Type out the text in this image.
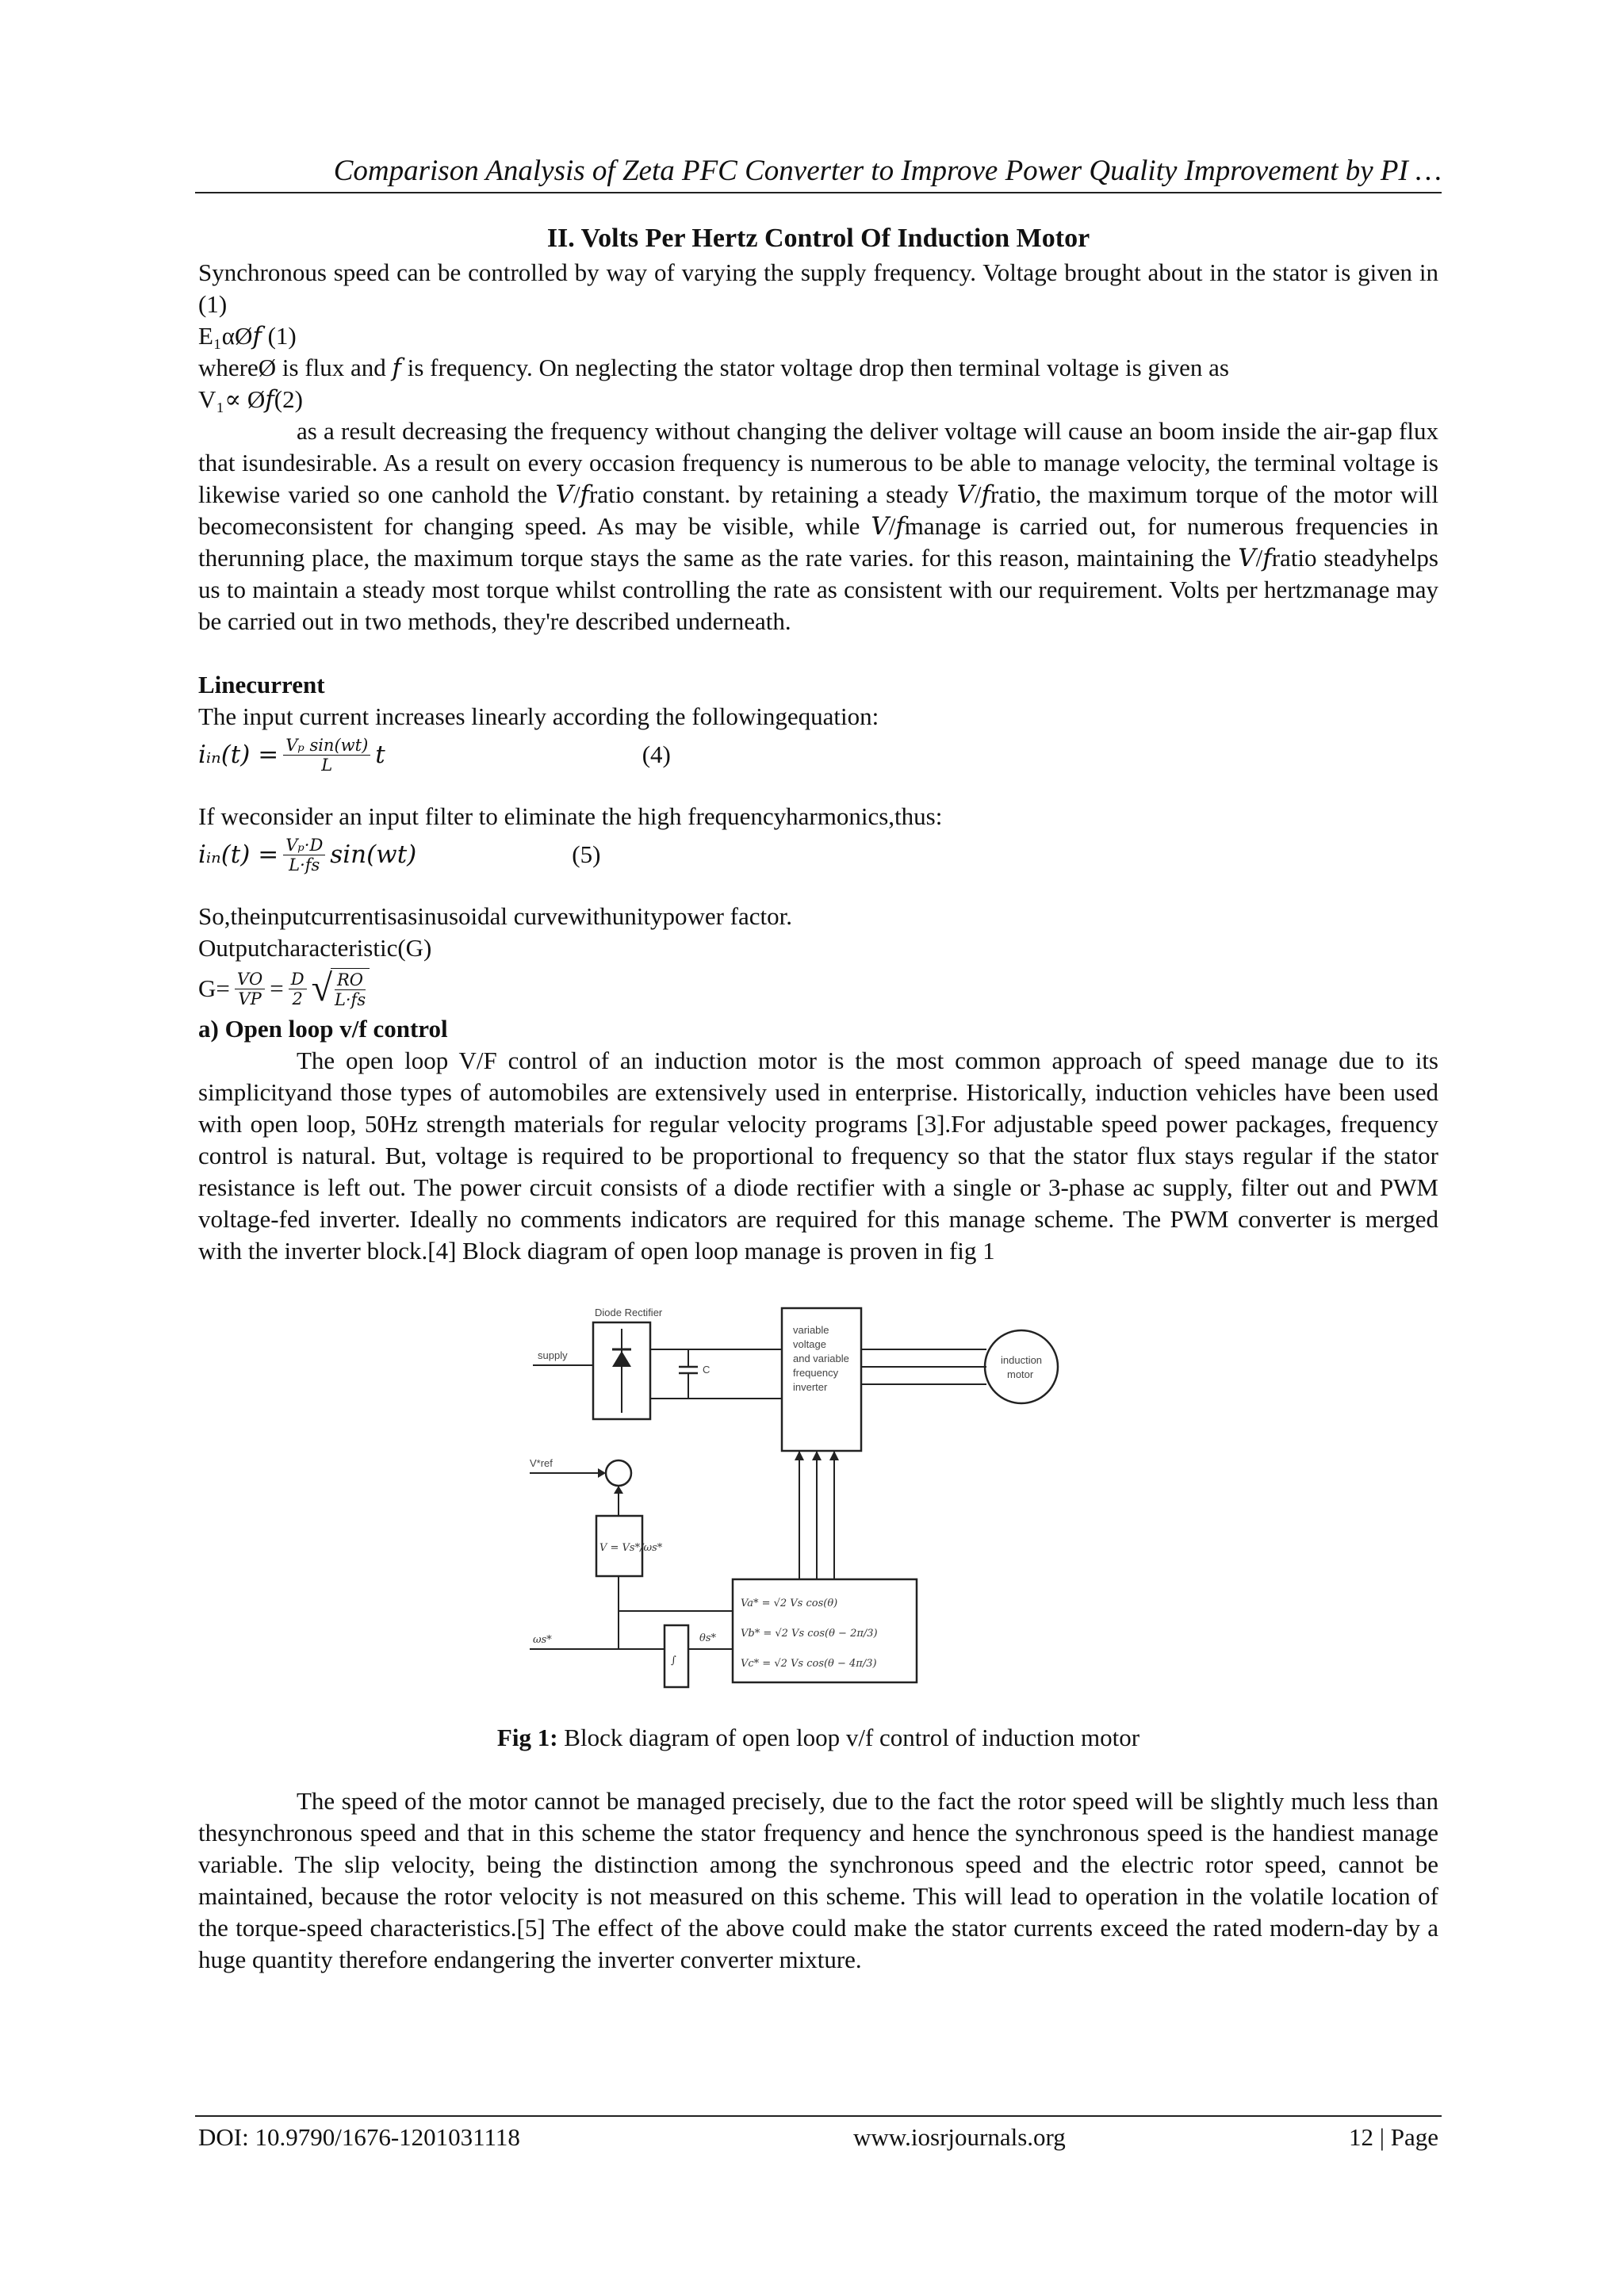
Comparison Analysis of Zeta PFC Converter to Improve Power Quality Improvement by PI …

II. Volts Per Hertz Control Of Induction Motor

Synchronous speed can be controlled by way of varying the supply frequency. Voltage brought about in the stator is given in (1)

E₁αØ𝑓 (1)

whereØ is flux and 𝑓 is frequency. On neglecting the stator voltage drop then terminal voltage is given as

V₁∝ Ø𝑓(2)

as a result decreasing the frequency without changing the deliver voltage will cause an boom inside the air-gap flux that isundesirable. As a result on every occasion frequency is numerous to be able to manage velocity, the terminal voltage is likewise varied so one canhold the 𝑉/𝑓ratio constant. by retaining a steady 𝑉/𝑓ratio, the maximum torque of the motor will becomeconsistent for changing speed. As may be visible, while 𝑉/𝑓manage is carried out, for numerous frequencies in therunning place, the maximum torque stays the same as the rate varies. for this reason, maintaining the 𝑉/𝑓ratio steadyhelps us to maintain a steady most torque whilst controlling the rate as consistent with our requirement. Volts per hertzmanage may be carried out in two methods, they're described underneath.

Linecurrent

The input current increases linearly according the followingequation:

𝑖ᵢₙ(𝑡) = $\frac{\text{𝑉ₚ sin(𝑤𝑡)}}{\text{𝐿}}$ 𝑡	(4)

If weconsider an input filter to eliminate the high frequencyharmonics,thus:

𝑖ᵢₙ(𝑡) = $\frac{\text{𝑉ₚ·𝐷}}{\text{𝐿·𝑓𝑠}}$ sin(𝑤𝑡)	(5)

So,theinputcurrentisasinusoidal curvewithunitypower factor.

Outputcharacteristic(G)

$G= \frac{\text{𝑉𝑂}}{\text{𝑉𝑃}} = \frac{\text{𝐷}}{2}$ √ $\frac{\text{𝑅𝑂}}{\text{𝐿·𝑓𝑠}}$

a) Open loop v/f control

The open loop V/F control of an induction motor is the most common approach of speed manage due to its simplicityand those types of automobiles are extensively used in enterprise. Historically, induction vehicles have been used with open loop, 50Hz strength materials for regular velocity programs [3].For adjustable speed power packages, frequency control is natural. But, voltage is required to be proportional to frequency so that the stator flux stays regular if the stator resistance is left out. The power circuit consists of a diode rectifier with a single or 3-phase ac supply, filter out and PWM voltage-fed inverter. Ideally no comments indicators are required for this manage scheme. The PWM converter is merged with the inverter block.[4] Block diagram of open loop manage is proven in fig 1

Diode Rectifier
supply
C
variable
voltage
and variable
frequency
inverter
induction
motor
V*ref
V = Vs*/ωs*
ωs*
∫
θs*
Va* = √2 Vs cos(θ)
Vb* = √2 Vs cos(θ − 2π/3)
Vc* = √2 Vs cos(θ − 4π/3)

Fig 1: Block diagram of open loop v/f control of induction motor

The speed of the motor cannot be managed precisely, due to the fact the rotor speed will be slightly much less than thesynchronous speed and that in this scheme the stator frequency and hence the synchronous speed is the handiest manage variable. The slip velocity, being the distinction among the synchronous speed and the electric rotor speed, cannot be maintained, because the rotor velocity is not measured on this scheme. This will lead to operation in the volatile location of the torque-speed characteristics.[5] The effect of the above could make the stator currents exceed the rated modern-day by a huge quantity therefore endangering the inverter converter mixture.

DOI: 10.9790/1676-1201031118	www.iosrjournals.org	12 | Page
